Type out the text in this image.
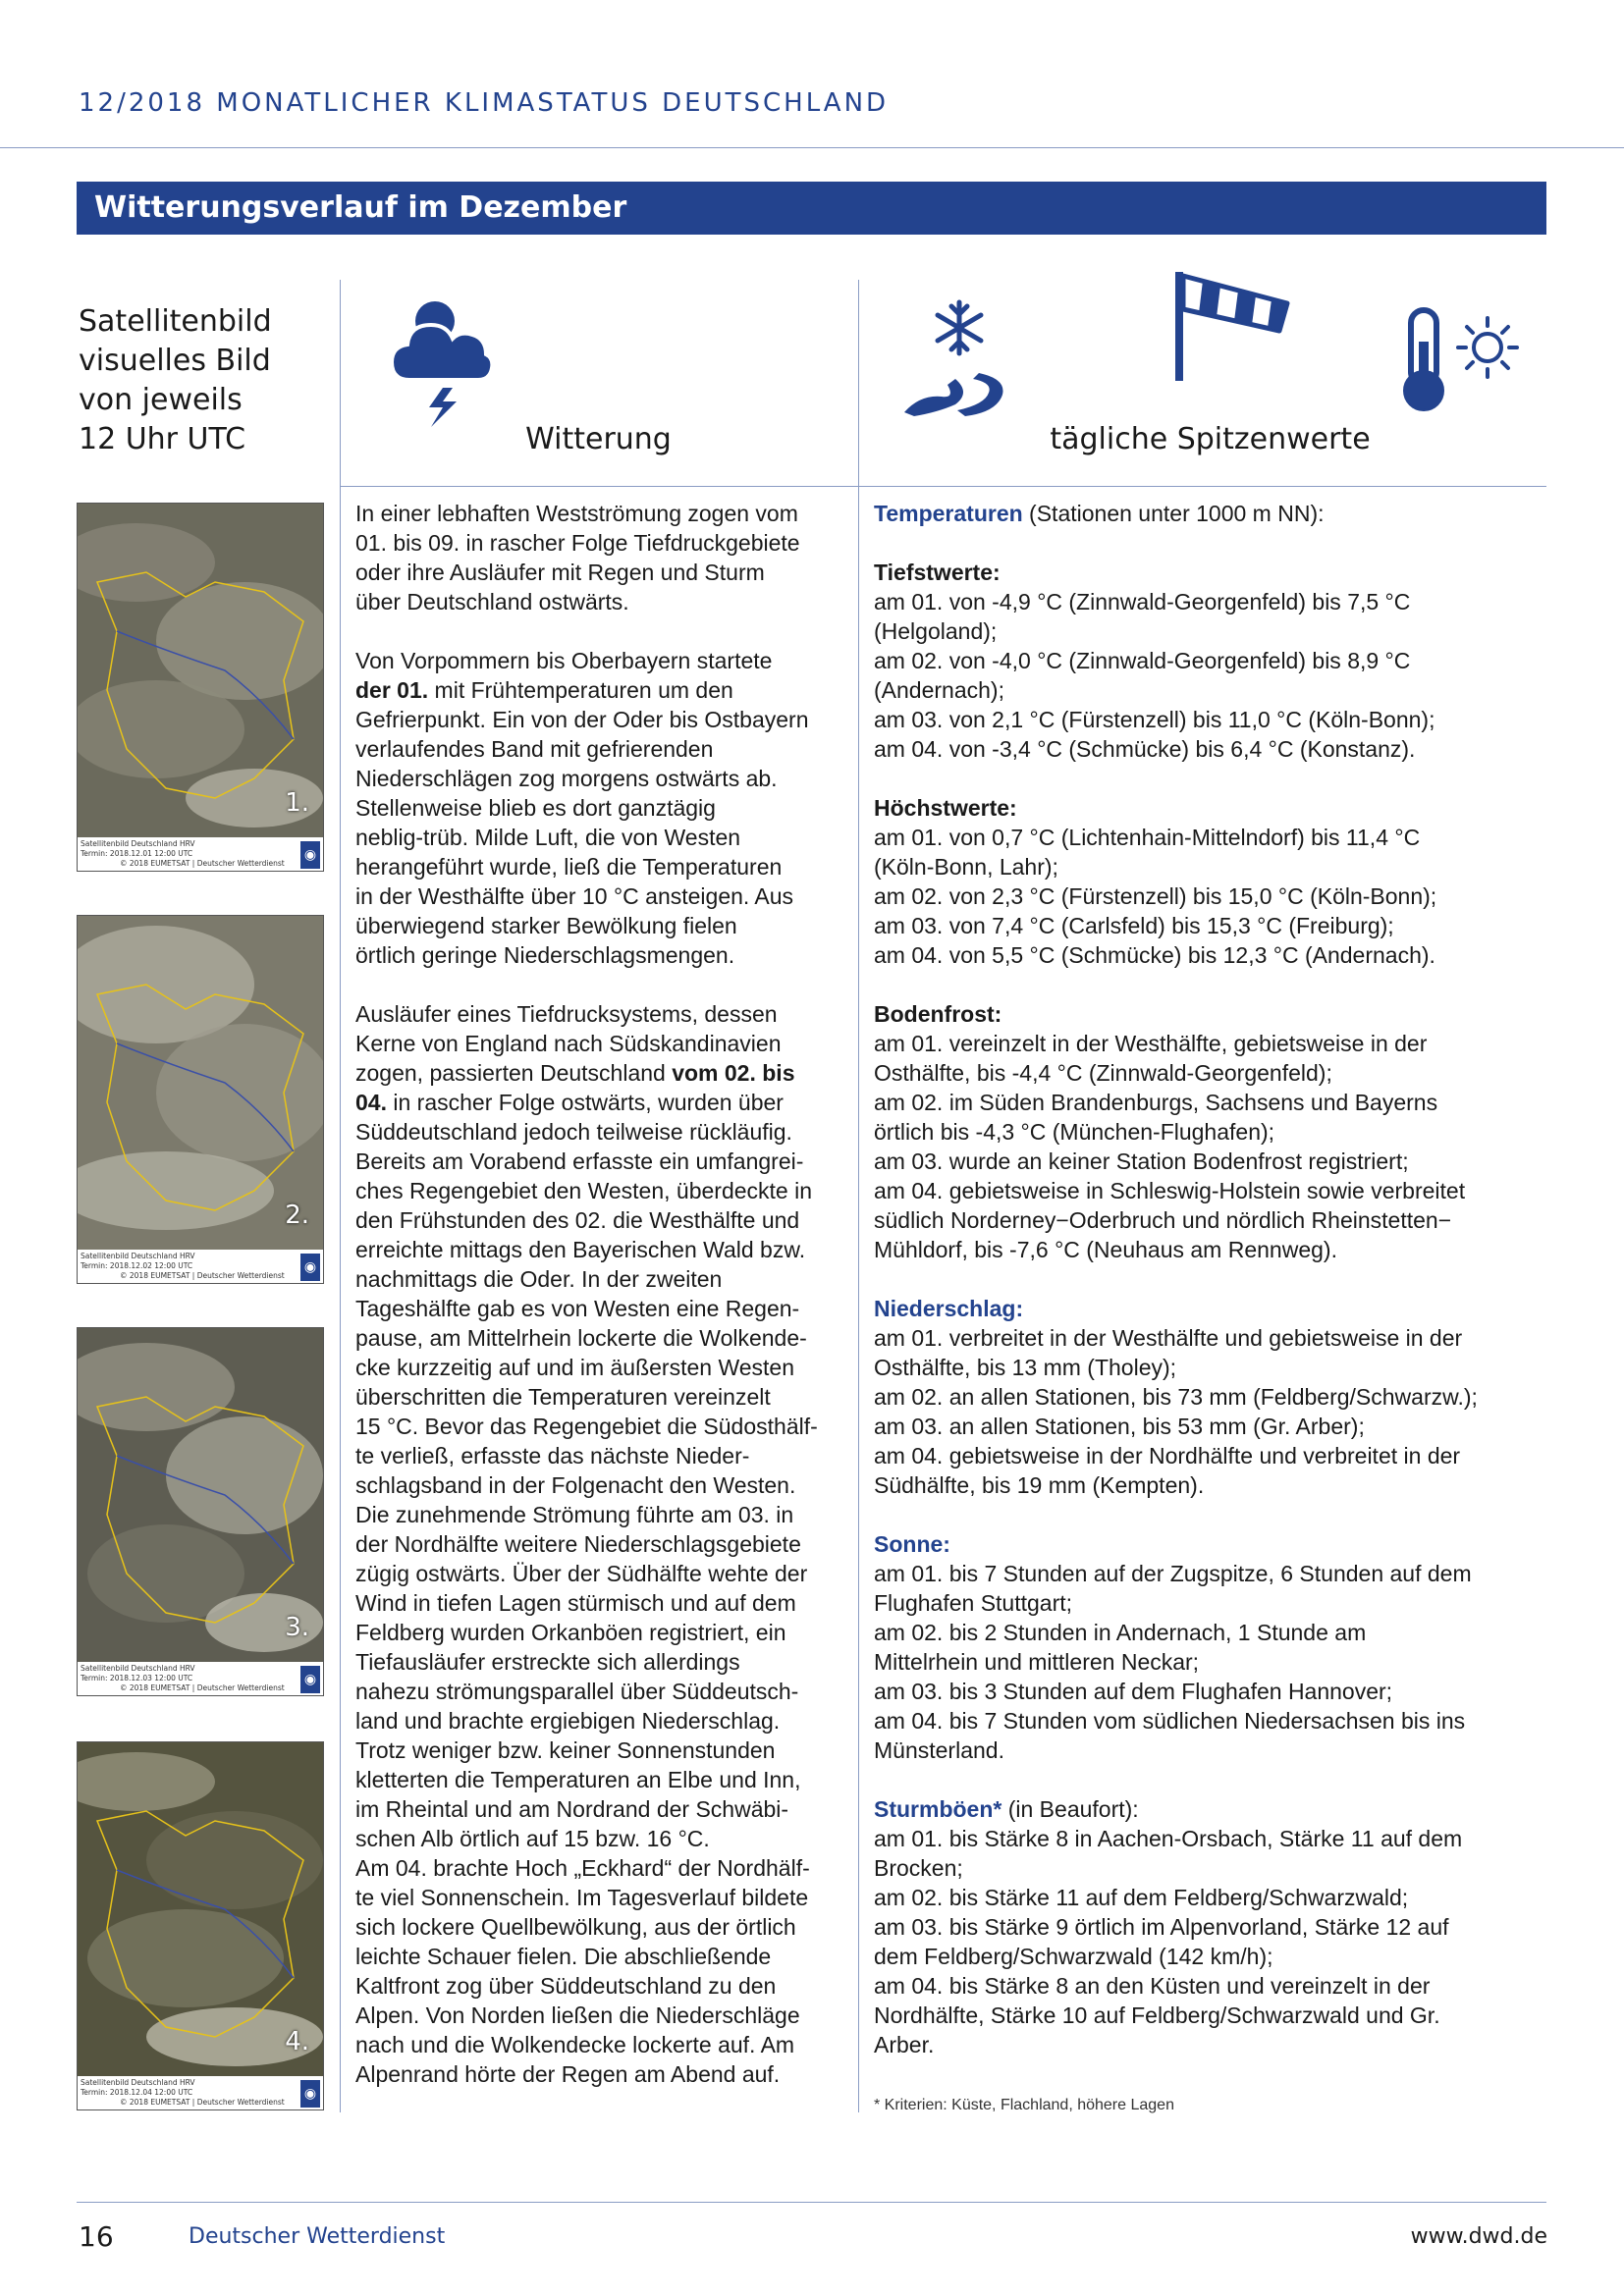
12/2018 MONATLICHER KLIMASTATUS DEUTSCHLAND
Witterungsverlauf im Dezember
Satellitenbild
visuelles Bild
von jeweils
12 Uhr UTC	Witterung	tägliche Spitzenwerte
1.
Satellitenbild Deutschland HRV
Termin: 2018.12.01 12:00 UTC
© 2018 EUMETSAT | Deutscher Wetterdienst
◉
2.
Satellitenbild Deutschland HRV
Termin: 2018.12.02 12:00 UTC
© 2018 EUMETSAT | Deutscher Wetterdienst
◉
3.
Satellitenbild Deutschland HRV
Termin: 2018.12.03 12:00 UTC
© 2018 EUMETSAT | Deutscher Wetterdienst
◉
4.
Satellitenbild Deutschland HRV
Termin: 2018.12.04 12:00 UTC
© 2018 EUMETSAT | Deutscher Wetterdienst
◉

In einer lebhaften Westströmung zogen vom
01. bis 09. in rascher Folge Tiefdruckgebiete
oder ihre Ausläufer mit Regen und Sturm
über Deutschland ostwärts.

Von Vorpommern bis Oberbayern startete
der 01. mit Frühtemperaturen um den
Gefrierpunkt. Ein von der Oder bis Ostbayern
verlaufendes Band mit gefrierenden
Niederschlägen zog morgens ostwärts ab.
Stellenweise blieb es dort ganztägig
neblig-trüb. Milde Luft, die von Westen
herangeführt wurde, ließ die Temperaturen
in der Westhälfte über 10 °C ansteigen. Aus
überwiegend starker Bewölkung fielen
örtlich geringe Niederschlagsmengen.

Ausläufer eines Tiefdrucksystems, dessen
Kerne von England nach Südskandinavien
zogen, passierten Deutschland vom 02. bis
04. in rascher Folge ostwärts, wurden über
Süddeutschland jedoch teilweise rückläufig.
Bereits am Vorabend erfasste ein umfangrei-
ches Regengebiet den Westen, überdeckte in
den Frühstunden des 02. die Westhälfte und
erreichte mittags den Bayerischen Wald bzw.
nachmittags die Oder. In der zweiten
Tageshälfte gab es von Westen eine Regen-
pause, am Mittelrhein lockerte die Wolkende-
cke kurzzeitig auf und im äußersten Westen
überschritten die Temperaturen vereinzelt
15 °C. Bevor das Regengebiet die Südosthälf-
te verließ, erfasste das nächste Nieder-
schlagsband in der Folgenacht den Westen.
Die zunehmende Strömung führte am 03. in
der Nordhälfte weitere Niederschlagsgebiete
zügig ostwärts. Über der Südhälfte wehte der
Wind in tiefen Lagen stürmisch und auf dem
Feldberg wurden Orkanböen registriert, ein
Tiefausläufer erstreckte sich allerdings
nahezu strömungsparallel über Süddeutsch-
land und brachte ergiebigen Niederschlag.
Trotz weniger bzw. keiner Sonnenstunden
kletterten die Temperaturen an Elbe und Inn,
im Rheintal und am Nordrand der Schwäbi-
schen Alb örtlich auf 15 bzw. 16 °C.
Am 04. brachte Hoch „Eckhard“ der Nordhälf-
te viel Sonnenschein. Im Tagesverlauf bildete
sich lockere Quellbewölkung, aus der örtlich
leichte Schauer fielen. Die abschließende
Kaltfront zog über Süddeutschland zu den
Alpen. Von Norden ließen die Niederschläge
nach und die Wolkendecke lockerte auf. Am
Alpenrand hörte der Regen am Abend auf.

Temperaturen (Stationen unter 1000 m NN):
Tiefstwerte:
am 01. von -4,9 °C (Zinnwald-Georgenfeld) bis 7,5 °C
(Helgoland);
am 02. von -4,0 °C (Zinnwald-Georgenfeld) bis 8,9 °C
(Andernach);
am 03. von 2,1 °C (Fürstenzell) bis 11,0 °C (Köln-Bonn);
am 04. von -3,4 °C (Schmücke) bis 6,4 °C (Konstanz).
Höchstwerte:
am 01. von 0,7 °C (Lichtenhain-Mittelndorf) bis 11,4 °C
(Köln-Bonn, Lahr);
am 02. von 2,3 °C (Fürstenzell) bis 15,0 °C (Köln-Bonn);
am 03. von 7,4 °C (Carlsfeld) bis 15,3 °C (Freiburg);
am 04. von 5,5 °C (Schmücke) bis 12,3 °C (Andernach).
Bodenfrost:
am 01. vereinzelt in der Westhälfte, gebietsweise in der
Osthälfte, bis -4,4 °C (Zinnwald-Georgenfeld);
am 02. im Süden Brandenburgs, Sachsens und Bayerns
örtlich bis -4,3 °C (München-Flughafen);
am 03. wurde an keiner Station Bodenfrost registriert;
am 04. gebietsweise in Schleswig-Holstein sowie verbreitet
südlich Norderney−Oderbruch und nördlich Rheinstetten−
Mühldorf, bis -7,6 °C (Neuhaus am Rennweg).
Niederschlag:
am 01. verbreitet in der Westhälfte und gebietsweise in der
Osthälfte, bis 13 mm (Tholey);
am 02. an allen Stationen, bis 73 mm (Feldberg/Schwarzw.);
am 03. an allen Stationen, bis 53 mm (Gr. Arber);
am 04. gebietsweise in der Nordhälfte und verbreitet in der
Südhälfte, bis 19 mm (Kempten).
Sonne:
am 01. bis 7 Stunden auf der Zugspitze, 6 Stunden auf dem
Flughafen Stuttgart;
am 02. bis 2 Stunden in Andernach, 1 Stunde am
Mittelrhein und mittleren Neckar;
am 03. bis 3 Stunden auf dem Flughafen Hannover;
am 04. bis 7 Stunden vom südlichen Niedersachsen bis ins
Münsterland.
Sturmböen* (in Beaufort):
am 01. bis Stärke 8 in Aachen-Orsbach, Stärke 11 auf dem
Brocken;
am 02. bis Stärke 11 auf dem Feldberg/Schwarzwald;
am 03. bis Stärke 9 örtlich im Alpenvorland, Stärke 12 auf
dem Feldberg/Schwarzwald (142 km/h);
am 04. bis Stärke 8 an den Küsten und vereinzelt in der
Nordhälfte, Stärke 10 auf Feldberg/Schwarzwald und Gr.
Arber.
* Kriterien: Küste, Flachland, höhere Lagen
16	Deutscher Wetterdienst	www.dwd.de
